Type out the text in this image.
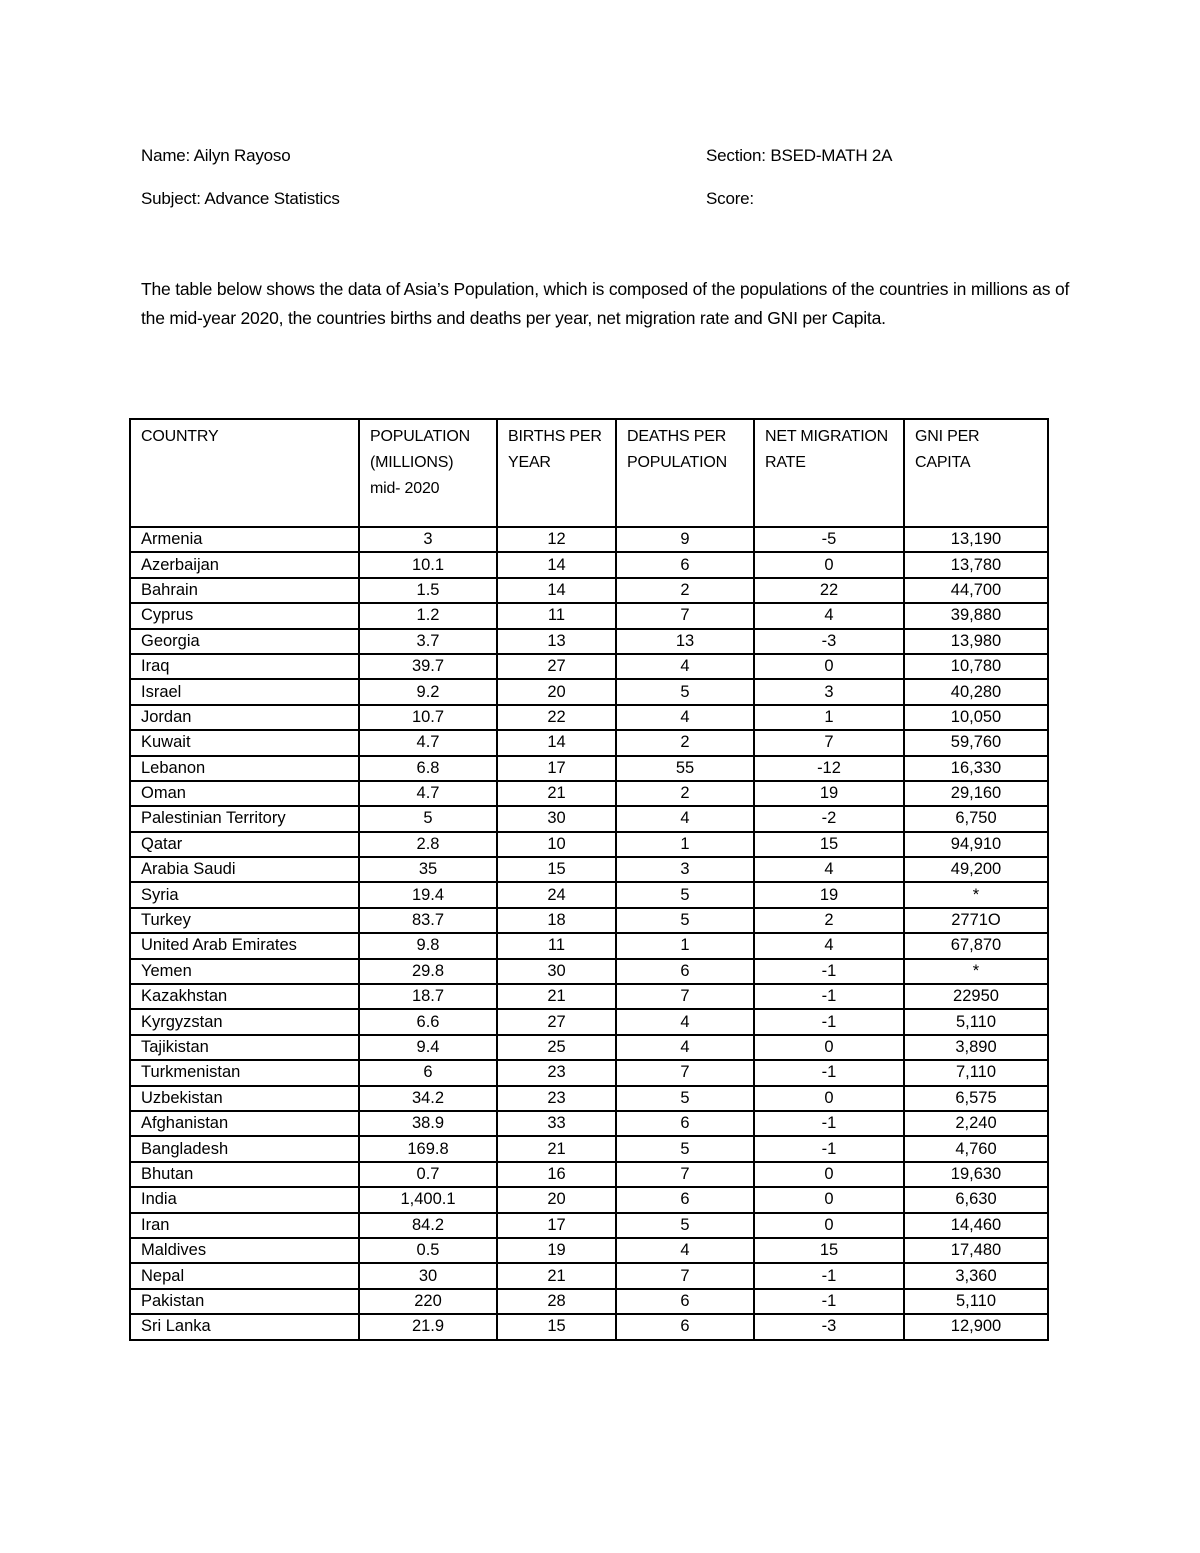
Name: Ailyn Rayoso	Section: BSED-MATH 2A
Subject: Advance Statistics	Score:

The table below shows the data of Asia’s Population, which is composed of the populations of the countries in millions as of the mid-year 2020, the countries births and deaths per year, net migration rate and GNI per Capita.

COUNTRY	POPULATION (MILLIONS) mid- 2020	BIRTHS PER YEAR	DEATHS PER POPULATION	NET MIGRATION RATE	GNI PER CAPITA
Armenia	3	12	9	-5	13,190
Azerbaijan	10.1	14	6	0	13,780
Bahrain	1.5	14	2	22	44,700
Cyprus	1.2	11	7	4	39,880
Georgia	3.7	13	13	-3	13,980
Iraq	39.7	27	4	0	10,780
Israel	9.2	20	5	3	40,280
Jordan	10.7	22	4	1	10,050
Kuwait	4.7	14	2	7	59,760
Lebanon	6.8	17	55	-12	16,330
Oman	4.7	21	2	19	29,160
Palestinian Territory	5	30	4	-2	6,750
Qatar	2.8	10	1	15	94,910
Arabia Saudi	35	15	3	4	49,200
Syria	19.4	24	5	19	*
Turkey	83.7	18	5	2	2771O
United Arab Emirates	9.8	11	1	4	67,870
Yemen	29.8	30	6	-1	*
Kazakhstan	18.7	21	7	-1	22950
Kyrgyzstan	6.6	27	4	-1	5,110
Tajikistan	9.4	25	4	0	3,890
Turkmenistan	6	23	7	-1	7,110
Uzbekistan	34.2	23	5	0	6,575
Afghanistan	38.9	33	6	-1	2,240
Bangladesh	169.8	21	5	-1	4,760
Bhutan	0.7	16	7	0	19,630
India	1,400.1	20	6	0	6,630
Iran	84.2	17	5	0	14,460
Maldives	0.5	19	4	15	17,480
Nepal	30	21	7	-1	3,360
Pakistan	220	28	6	-1	5,110
Sri Lanka	21.9	15	6	-3	12,900
